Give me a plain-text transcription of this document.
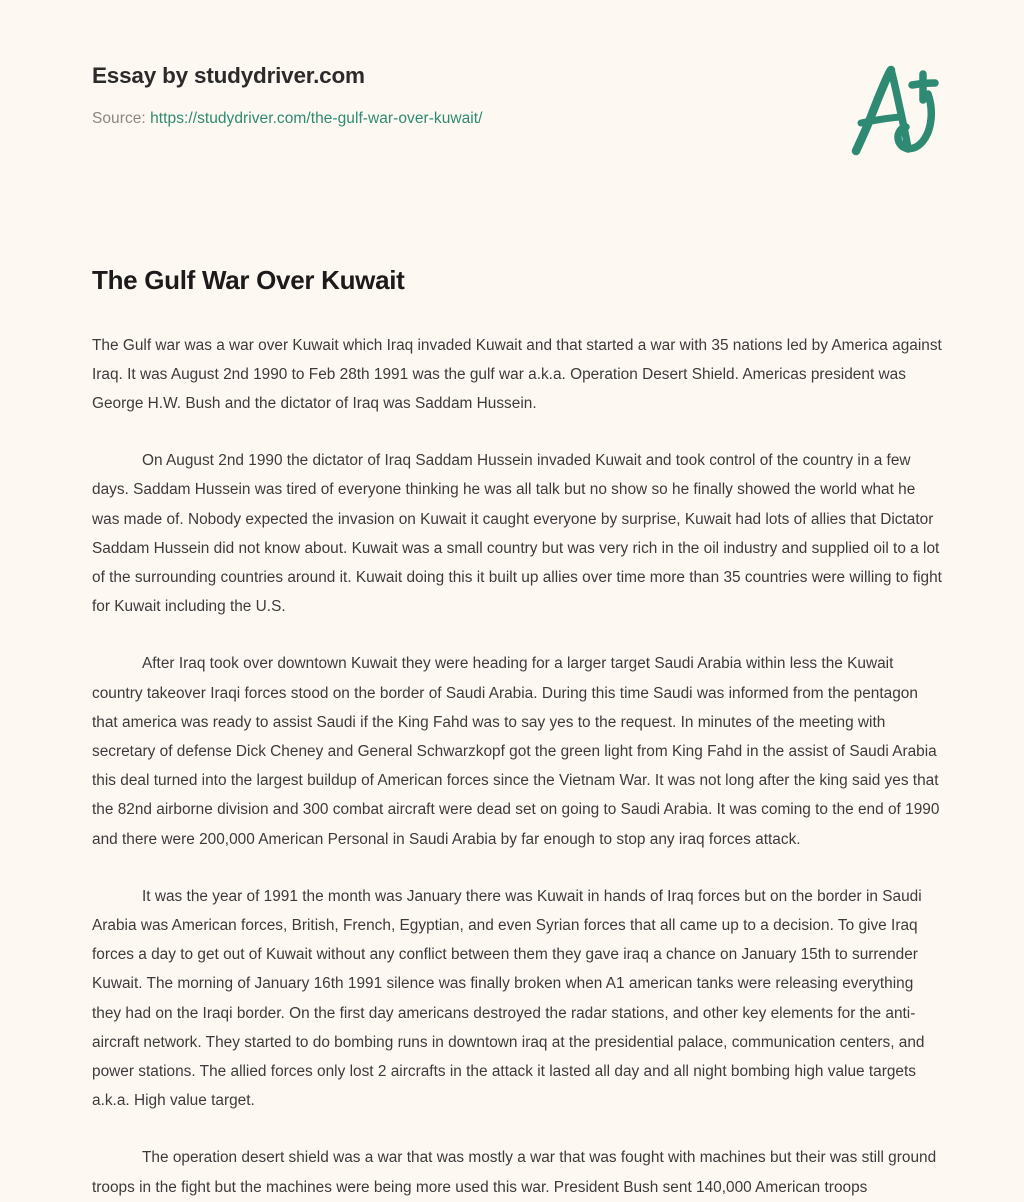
Essay by studydriver.com
Source: https://studydriver.com/the-gulf-war-over-kuwait/
The Gulf War Over Kuwait

The Gulf war was a war over Kuwait which Iraq invaded Kuwait and that started a war with 35 nations led by America against Iraq. It was August 2nd 1990 to Feb 28th 1991 was the gulf war a.k.a. Operation Desert Shield. Americas president was George H.W. Bush and the dictator of Iraq was Saddam Hussein.

On August 2nd 1990 the dictator of Iraq Saddam Hussein invaded Kuwait and took control of the country in a few days. Saddam Hussein was tired of everyone thinking he was all talk but no show so he finally showed the world what he was made of. Nobody expected the invasion on Kuwait it caught everyone by surprise, Kuwait had lots of allies that Dictator Saddam Hussein did not know about. Kuwait was a small country but was very rich in the oil industry and supplied oil to a lot of the surrounding countries around it. Kuwait doing this it built up allies over time more than 35 countries were willing to fight for Kuwait including the U.S.

After Iraq took over downtown Kuwait they were heading for a larger target Saudi Arabia within less the Kuwait country takeover Iraqi forces stood on the border of Saudi Arabia. During this time Saudi was informed from the pentagon that america was ready to assist Saudi if the King Fahd was to say yes to the request. In minutes of the meeting with secretary of defense Dick Cheney and General Schwarzkopf got the green light from King Fahd in the assist of Saudi Arabia this deal turned into the largest buildup of American forces since the Vietnam War. It was not long after the king said yes that the 82nd airborne division and 300 combat aircraft were dead set on going to Saudi Arabia. It was coming to the end of 1990 and there were 200,000 American Personal in Saudi Arabia by far enough to stop any iraq forces attack.

It was the year of 1991 the month was January there was Kuwait in hands of Iraq forces but on the border in Saudi Arabia was American forces, British, French, Egyptian, and even Syrian forces that all came up to a decision. To give Iraq forces a day to get out of Kuwait without any conflict between them they gave iraq a chance on January 15th to surrender Kuwait. The morning of January 16th 1991 silence was finally broken when A1 american tanks were releasing everything they had on the Iraqi border. On the first day americans destroyed the radar stations, and other key elements for the anti- aircraft network. They started to do bombing runs in downtown iraq at the presidential palace, communication centers, and power stations. The allied forces only lost 2 aircrafts in the attack it lasted all day and all night bombing high value targets a.k.a. High value target.

The operation desert shield was a war that was mostly a war that was fought with machines but their was still ground troops in the fight but the machines were being more used this war. President Bush sent 140,000 American troops
